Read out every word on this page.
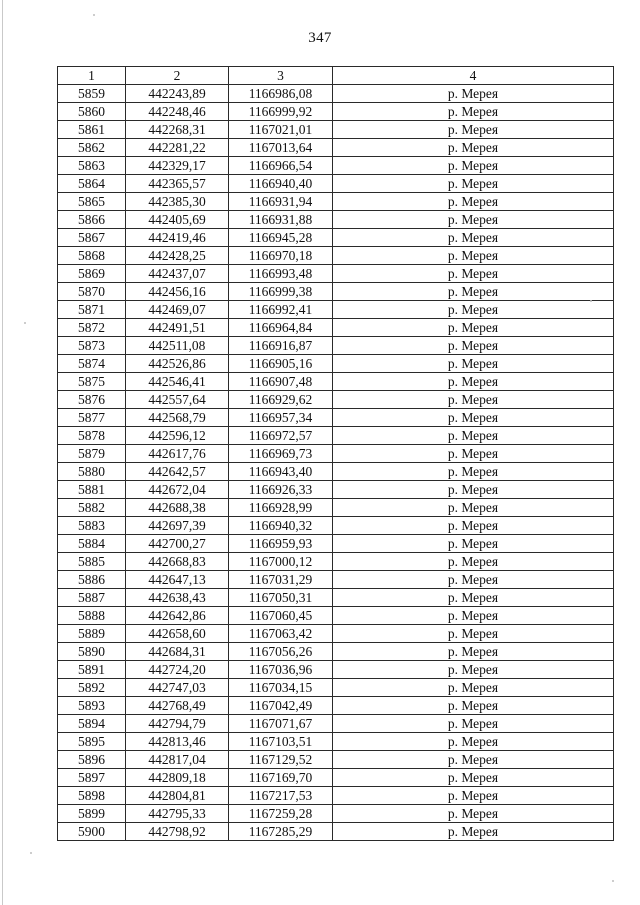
347
1	2	3	4
5859	442243,89	1166986,08	р. Мерея
5860	442248,46	1166999,92	р. Мерея
5861	442268,31	1167021,01	р. Мерея
5862	442281,22	1167013,64	р. Мерея
5863	442329,17	1166966,54	р. Мерея
5864	442365,57	1166940,40	р. Мерея
5865	442385,30	1166931,94	р. Мерея
5866	442405,69	1166931,88	р. Мерея
5867	442419,46	1166945,28	р. Мерея
5868	442428,25	1166970,18	р. Мерея
5869	442437,07	1166993,48	р. Мерея
5870	442456,16	1166999,38	р. Мерея
5871	442469,07	1166992,41	р. Мерея
5872	442491,51	1166964,84	р. Мерея
5873	442511,08	1166916,87	р. Мерея
5874	442526,86	1166905,16	р. Мерея
5875	442546,41	1166907,48	р. Мерея
5876	442557,64	1166929,62	р. Мерея
5877	442568,79	1166957,34	р. Мерея
5878	442596,12	1166972,57	р. Мерея
5879	442617,76	1166969,73	р. Мерея
5880	442642,57	1166943,40	р. Мерея
5881	442672,04	1166926,33	р. Мерея
5882	442688,38	1166928,99	р. Мерея
5883	442697,39	1166940,32	р. Мерея
5884	442700,27	1166959,93	р. Мерея
5885	442668,83	1167000,12	р. Мерея
5886	442647,13	1167031,29	р. Мерея
5887	442638,43	1167050,31	р. Мерея
5888	442642,86	1167060,45	р. Мерея
5889	442658,60	1167063,42	р. Мерея
5890	442684,31	1167056,26	р. Мерея
5891	442724,20	1167036,96	р. Мерея
5892	442747,03	1167034,15	р. Мерея
5893	442768,49	1167042,49	р. Мерея
5894	442794,79	1167071,67	р. Мерея
5895	442813,46	1167103,51	р. Мерея
5896	442817,04	1167129,52	р. Мерея
5897	442809,18	1167169,70	р. Мерея
5898	442804,81	1167217,53	р. Мерея
5899	442795,33	1167259,28	р. Мерея
5900	442798,92	1167285,29	р. Мерея
